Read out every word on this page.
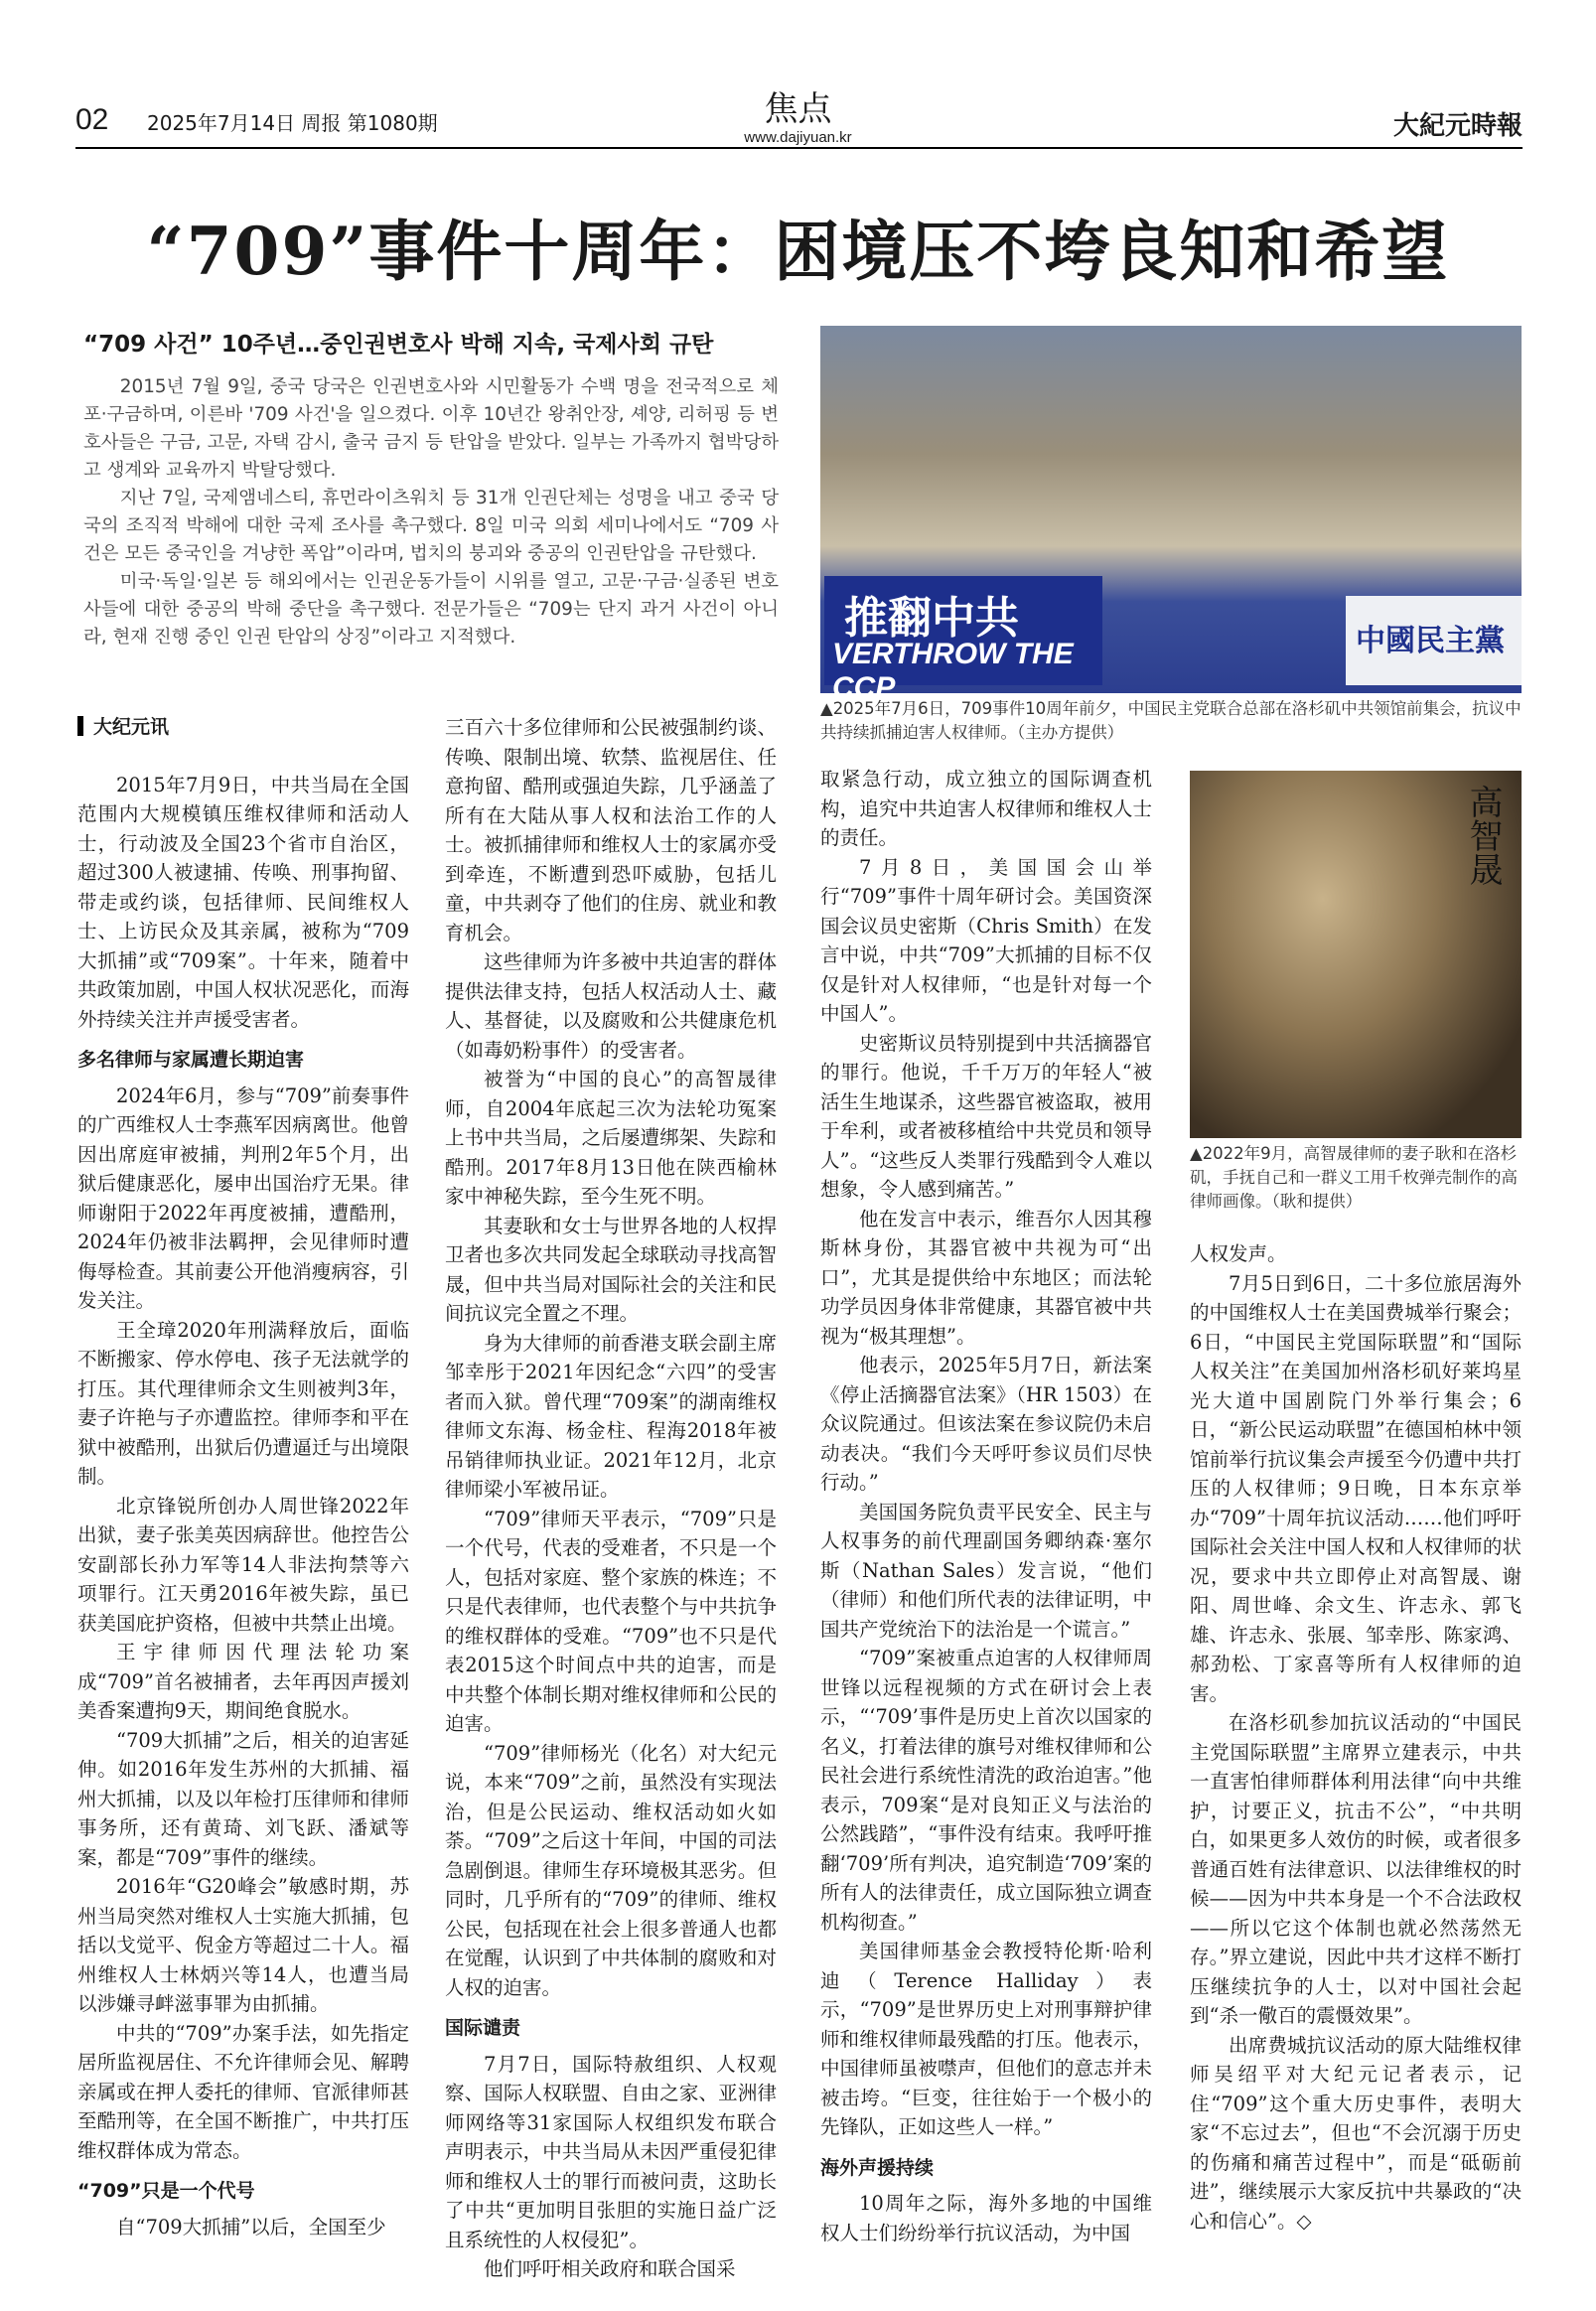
02 2025年7月14日 周报 第1080期	焦点
www.dajiyuan.kr	大紀元時報
“709”事件十周年：困境压不垮良知和希望
“709 사건” 10주년…중인권변호사 박해 지속, 국제사회 규탄

2015년 7월 9일, 중국 당국은 인권변호사와 시민활동가 수백 명을 전국적으로 체포·구금하며, 이른바 '709 사건'을 일으켰다. 이후 10년간 왕취안장, 셰양, 리허핑 등 변호사들은 구금, 고문, 자택 감시, 출국 금지 등 탄압을 받았다. 일부는 가족까지 협박당하고 생계와 교육까지 박탈당했다.

지난 7일, 국제앰네스티, 휴먼라이츠워치 등 31개 인권단체는 성명을 내고 중국 당국의 조직적 박해에 대한 국제 조사를 촉구했다. 8일 미국 의회 세미나에서도 “709 사건은 모든 중국인을 겨냥한 폭압”이라며, 법치의 붕괴와 중공의 인권탄압을 규탄했다.

미국·독일·일본 등 해외에서는 인권운동가들이 시위를 열고, 고문·구금·실종된 변호사들에 대한 중공의 박해 중단을 촉구했다. 전문가들은 “709는 단지 과거 사건이 아니라, 현재 진행 중인 인권 탄압의 상징”이라고 지적했다.	推翻中共
VERTHROW THE CCP
中國民主黨
▲2025年7月6日，709事件10周年前夕，中国民主党联合总部在洛杉矶中共领馆前集会，抗议中共持续抓捕迫害人权律师。（主办方提供）
高智晟
▲2022年9月，高智晟律师的妻子耿和在洛杉矶，手抚自己和一群义工用千枚弹壳制作的高律师画像。（耿和提供）
大纪元讯

2015年7月9日，中共当局在全国范围内大规模镇压维权律师和活动人士，行动波及全国23个省市自治区，超过300人被逮捕、传唤、刑事拘留、带走或约谈，包括律师、民间维权人士、上访民众及其亲属，被称为“709大抓捕”或“709案”。十年来，随着中共政策加剧，中国人权状况恶化，而海外持续关注并声援受害者。

多名律师与家属遭长期迫害

2024年6月，参与“709”前奏事件的广西维权人士李燕军因病离世。他曾因出席庭审被捕，判刑2年5个月，出狱后健康恶化，屡申出国治疗无果。律师谢阳于2022年再度被捕，遭酷刑，2024年仍被非法羁押，会见律师时遭侮辱检查。其前妻公开他消瘦病容，引发关注。

王全璋2020年刑满释放后，面临不断搬家、停水停电、孩子无法就学的打压。其代理律师余文生则被判3年，妻子许艳与子亦遭监控。律师李和平在狱中被酷刑，出狱后仍遭逼迁与出境限制。

北京锋锐所创办人周世锋2022年出狱，妻子张美英因病辞世。他控告公安副部长孙力军等14人非法拘禁等六项罪行。江天勇2016年被失踪，虽已获美国庇护资格，但被中共禁止出境。

王宇律师因代理法轮功案成“709”首名被捕者，去年再因声援刘美香案遭拘9天，期间绝食脱水。

“709大抓捕”之后，相关的迫害延伸。如2016年发生苏州的大抓捕、福州大抓捕，以及以年检打压律师和律师事务所，还有黄琦、刘飞跃、潘斌等案，都是“709”事件的继续。

2016年“G20峰会”敏感时期，苏州当局突然对维权人士实施大抓捕，包括以戈觉平、倪金方等超过二十人。福州维权人士林炳兴等14人，也遭当局以涉嫌寻衅滋事罪为由抓捕。

中共的“709”办案手法，如先指定居所监视居住、不允许律师会见、解聘亲属或在押人委托的律师、官派律师甚至酷刑等，在全国不断推广，中共打压维权群体成为常态。

“709”只是一个代号

自“709大抓捕”以后，全国至少

三百六十多位律师和公民被强制约谈、传唤、限制出境、软禁、监视居住、任意拘留、酷刑或强迫失踪，几乎涵盖了所有在大陆从事人权和法治工作的人士。被抓捕律师和维权人士的家属亦受到牵连，不断遭到恐吓威胁，包括儿童，中共剥夺了他们的住房、就业和教育机会。

这些律师为许多被中共迫害的群体提供法律支持，包括人权活动人士、藏人、基督徒，以及腐败和公共健康危机（如毒奶粉事件）的受害者。

被誉为“中国的良心”的高智晟律师，自2004年底起三次为法轮功冤案上书中共当局，之后屡遭绑架、失踪和酷刑。2017年8月13日他在陕西榆林家中神秘失踪，至今生死不明。

其妻耿和女士与世界各地的人权捍卫者也多次共同发起全球联动寻找高智晟，但中共当局对国际社会的关注和民间抗议完全置之不理。

身为大律师的前香港支联会副主席邹幸彤于2021年因纪念“六四”的受害者而入狱。曾代理“709案”的湖南维权律师文东海、杨金柱、程海2018年被吊销律师执业证。2021年12月，北京律师梁小军被吊证。

“709”律师天平表示，“709”只是一个代号，代表的受难者，不只是一个人，包括对家庭、整个家族的株连；不只是代表律师，也代表整个与中共抗争的维权群体的受难。“709”也不只是代表2015这个时间点中共的迫害，而是中共整个体制长期对维权律师和公民的迫害。

“709”律师杨光（化名）对大纪元说，本来“709”之前，虽然没有实现法治，但是公民运动、维权活动如火如荼。“709”之后这十年间，中国的司法急剧倒退。律师生存环境极其恶劣。但同时，几乎所有的“709”的律师、维权公民，包括现在社会上很多普通人也都在觉醒，认识到了中共体制的腐败和对人权的迫害。

国际谴责

7月7日，国际特赦组织、人权观察、国际人权联盟、自由之家、亚洲律师网络等31家国际人权组织发布联合声明表示，中共当局从未因严重侵犯律师和维权人士的罪行而被问责，这助长了中共“更加明目张胆的实施日益广泛且系统性的人权侵犯”。

他们呼吁相关政府和联合国采

取紧急行动，成立独立的国际调查机构，追究中共迫害人权律师和维权人士的责任。

7月8日，美国国会山举行“709”事件十周年研讨会。美国资深国会议员史密斯（Chris Smith）在发言中说，中共“709”大抓捕的目标不仅仅是针对人权律师，“也是针对每一个中国人”。

史密斯议员特别提到中共活摘器官的罪行。他说，千千万万的年轻人“被活生生地谋杀，这些器官被盗取，被用于牟利，或者被移植给中共党员和领导人”。“这些反人类罪行残酷到令人难以想象，令人感到痛苦。”

他在发言中表示，维吾尔人因其穆斯林身份，其器官被中共视为可“出口”，尤其是提供给中东地区；而法轮功学员因身体非常健康，其器官被中共视为“极其理想”。

他表示，2025年5月7日，新法案《停止活摘器官法案》（HR 1503）在众议院通过。但该法案在参议院仍未启动表决。“我们今天呼吁参议员们尽快行动。”

美国国务院负责平民安全、民主与人权事务的前代理副国务卿纳森·塞尔斯（Nathan Sales）发言说，“他们（律师）和他们所代表的法律证明，中国共产党统治下的法治是一个谎言。”

“709”案被重点迫害的人权律师周世锋以远程视频的方式在研讨会上表示，“‘709’事件是历史上首次以国家的名义，打着法律的旗号对维权律师和公民社会进行系统性清洗的政治迫害。”他表示，709案“是对良知正义与法治的公然践踏”，“事件没有结束。我呼吁推翻‘709’所有判决，追究制造‘709’案的所有人的法律责任，成立国际独立调查机构彻查。”

美国律师基金会教授特伦斯·哈利迪（Terence Halliday）表示，“709”是世界历史上对刑事辩护律师和维权律师最残酷的打压。他表示，中国律师虽被噤声，但他们的意志并未被击垮。“巨变，往往始于一个极小的先锋队，正如这些人一样。”

海外声援持续

10周年之际，海外多地的中国维权人士们纷纷举行抗议活动，为中国

人权发声。

7月5日到6日，二十多位旅居海外的中国维权人士在美国费城举行聚会；6日，“中国民主党国际联盟”和“国际人权关注”在美国加州洛杉矶好莱坞星光大道中国剧院门外举行集会；6日，“新公民运动联盟”在德国柏林中领馆前举行抗议集会声援至今仍遭中共打压的人权律师；9日晚，日本东京举办“709”十周年抗议活动……他们呼吁国际社会关注中国人权和人权律师的状况，要求中共立即停止对高智晟、谢阳、周世峰、余文生、许志永、郭飞雄、许志永、张展、邹幸彤、陈家鸿、郝劲松、丁家喜等所有人权律师的迫害。

在洛杉矶参加抗议活动的“中国民主党国际联盟”主席界立建表示，中共一直害怕律师群体利用法律“向中共维护，讨要正义，抗击不公”，“中共明白，如果更多人效仿的时候，或者很多普通百姓有法律意识、以法律维权的时候——因为中共本身是一个不合法政权——所以它这个体制也就必然荡然无存。”界立建说，因此中共才这样不断打压继续抗争的人士，以对中国社会起到“杀一儆百的震慑效果”。

出席费城抗议活动的原大陆维权律师吴绍平对大纪元记者表示，记住“709”这个重大历史事件，表明大家“不忘过去”，但也“不会沉溺于历史的伤痛和痛苦过程中”，而是“砥砺前进”，继续展示大家反抗中共暴政的“决心和信心”。◇
